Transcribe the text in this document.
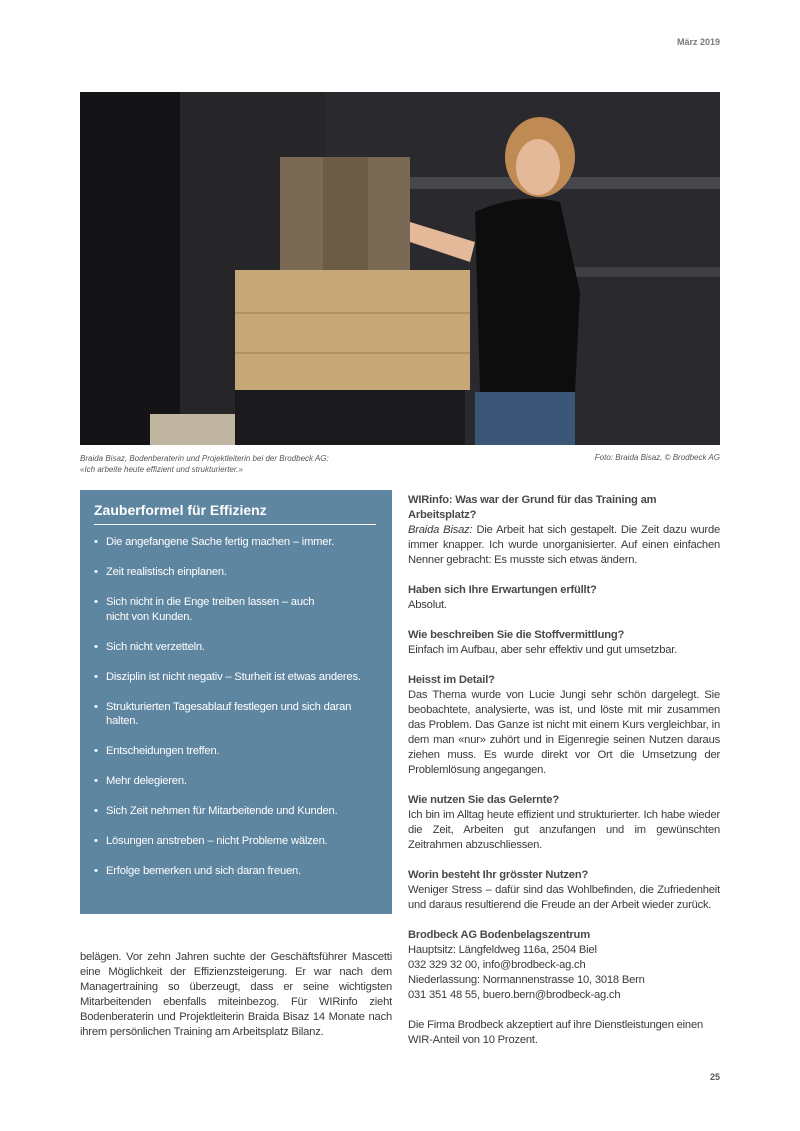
März 2019
Braida Bisaz, Bodenberaterin und Projektleiterin bei der Brodbeck AG:
«Ich arbeite heute effizient und strukturierter.»
Foto: Braida Bisaz, © Brodbeck AG
Zauberformel für Effizienz
• Die angefangene Sache fertig machen – immer.
• Zeit realistisch einplanen.
• Sich nicht in die Enge treiben lassen – auch nicht von Kunden.
• Sich nicht verzetteln.
• Disziplin ist nicht negativ – Sturheit ist etwas anderes.
• Strukturierten Tagesablauf festlegen und sich daran halten.
• Entscheidungen treffen.
• Mehr delegieren.
• Sich Zeit nehmen für Mitarbeitende und Kunden.
• Lösungen anstreben – nicht Probleme wälzen.
• Erfolge bemerken und sich daran freuen.
belägen. Vor zehn Jahren suchte der Geschäftsführer Mascetti eine Möglichkeit der Effizienzsteigerung. Er war nach dem Managertraining so überzeugt, dass er seine wichtigsten Mitarbeitenden ebenfalls miteinbezog. Für WIRinfo zieht Bodenberaterin und Projektleiterin Braida Bisaz 14 Monate nach ihrem persönlichen Training am Arbeitsplatz Bilanz.
WIRinfo: Was war der Grund für das Training am Arbeitsplatz?
Braida Bisaz: Die Arbeit hat sich gestapelt. Die Zeit dazu wurde immer knapper. Ich wurde unorganisierter. Auf einen einfachen Nenner gebracht: Es musste sich etwas ändern.
Haben sich Ihre Erwartungen erfüllt?
Absolut.
Wie beschreiben Sie die Stoffvermittlung?
Einfach im Aufbau, aber sehr effektiv und gut umsetzbar.
Heisst im Detail?
Das Thema wurde von Lucie Jungi sehr schön dargelegt. Sie beobachtete, analysierte, was ist, und löste mit mir zusammen das Problem. Das Ganze ist nicht mit einem Kurs vergleichbar, in dem man «nur» zuhört und in Eigenregie seinen Nutzen daraus ziehen muss. Es wurde direkt vor Ort die Umsetzung der Problemlösung angegangen.
Wie nutzen Sie das Gelernte?
Ich bin im Alltag heute effizient und strukturierter. Ich habe wieder die Zeit, Arbeiten gut anzufangen und im gewünschten Zeitrahmen abzuschliessen.
Worin besteht Ihr grösster Nutzen?
Weniger Stress – dafür sind das Wohlbefinden, die Zufriedenheit und daraus resultierend die Freude an der Arbeit wieder zurück.
Brodbeck AG Bodenbelagszentrum
Hauptsitz: Längfeldweg 116a, 2504 Biel
032 329 32 00, info@brodbeck-ag.ch
Niederlassung: Normannenstrasse 10, 3018 Bern
031 351 48 55, buero.bern@brodbeck-ag.ch
Die Firma Brodbeck akzeptiert auf ihre Dienstleistungen einen WIR-Anteil von 10 Prozent.
25
